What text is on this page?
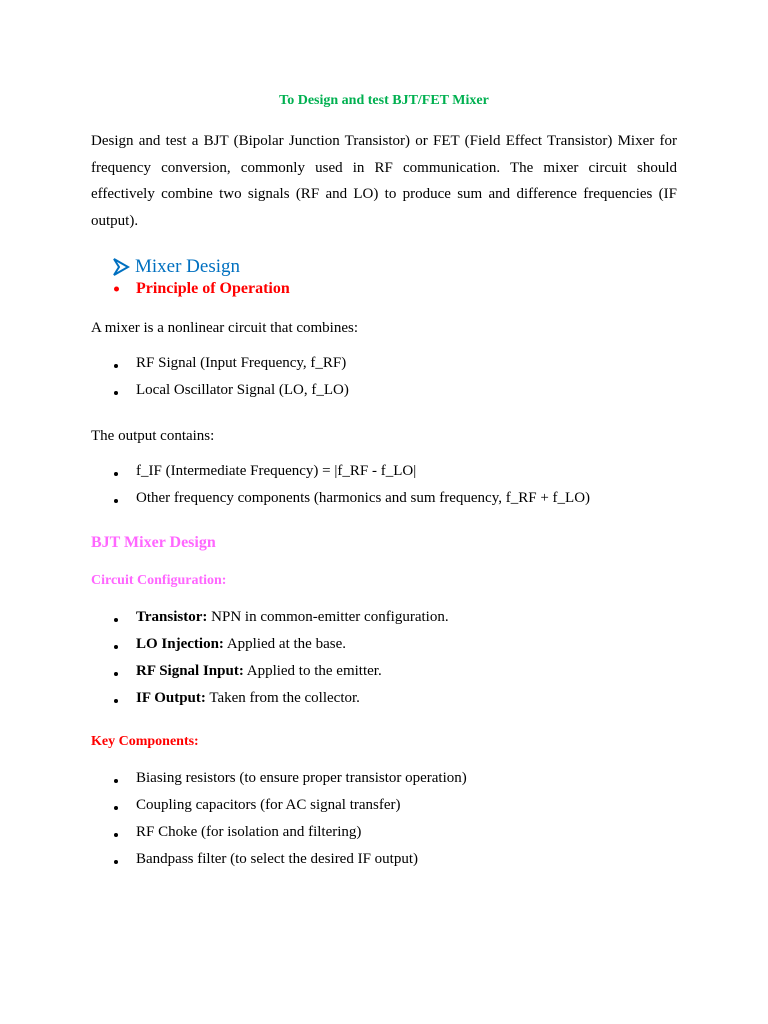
To Design and test BJT/FET Mixer
Design and test a BJT (Bipolar Junction Transistor) or FET (Field Effect Transistor) Mixer for frequency conversion, commonly used in RF communication. The mixer circuit should effectively combine two signals (RF and LO) to produce sum and difference frequencies (IF output).
Mixer Design
Principle of Operation
A mixer is a nonlinear circuit that combines:
RF Signal (Input Frequency, f_RF)
Local Oscillator Signal (LO, f_LO)
The output contains:
f_IF (Intermediate Frequency) = |f_RF - f_LO|
Other frequency components (harmonics and sum frequency, f_RF + f_LO)
BJT Mixer Design
Circuit Configuration:
Transistor: NPN in common-emitter configuration.
LO Injection: Applied at the base.
RF Signal Input: Applied to the emitter.
IF Output: Taken from the collector.
Key Components:
Biasing resistors (to ensure proper transistor operation)
Coupling capacitors (for AC signal transfer)
RF Choke (for isolation and filtering)
Bandpass filter (to select the desired IF output)
